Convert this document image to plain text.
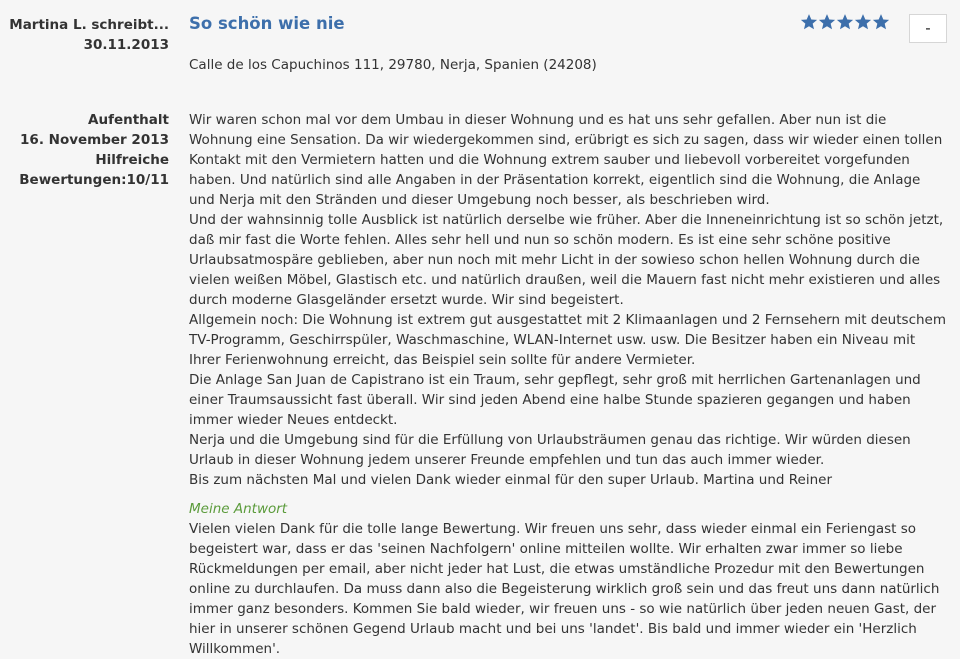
Martina L. schreibt...
30.11.2013
So schön wie nie	-
Calle de los Capuchinos 111, 29780, Nerja, Spanien (24208)
Aufenthalt
16. November 2013
Hilfreiche
Bewertungen:10/11

Wir waren schon mal vor dem Umbau in dieser Wohnung und es hat uns sehr gefallen. Aber nun ist die Wohnung eine Sensation. Da wir wiedergekommen sind, erübrigt es sich zu sagen, dass wir wieder einen tollen Kontakt mit den Vermietern hatten und die Wohnung extrem sauber und liebevoll vorbereitet vorgefunden haben. Und natürlich sind alle Angaben in der Präsentation korrekt, eigentlich sind die Wohnung, die Anlage und Nerja mit den Stränden und dieser Umgebung noch besser, als beschrieben wird.

Und der wahnsinnig tolle Ausblick ist natürlich derselbe wie früher. Aber die Inneneinrichtung ist so schön jetzt, daß mir fast die Worte fehlen. Alles sehr hell und nun so schön modern. Es ist eine sehr schöne positive Urlaubsatmospäre geblieben, aber nun noch mit mehr Licht in der sowieso schon hellen Wohnung durch die vielen weißen Möbel, Glastisch etc. und natürlich draußen, weil die Mauern fast nicht mehr existieren und alles durch moderne Glasgeländer ersetzt wurde. Wir sind begeistert.

Allgemein noch: Die Wohnung ist extrem gut ausgestattet mit 2 Klimaanlagen und 2 Fernsehern mit deutschem TV-Programm, Geschirrspüler, Waschmaschine, WLAN-Internet usw. usw. Die Besitzer haben ein Niveau mit Ihrer Ferienwohnung erreicht, das Beispiel sein sollte für andere Vermieter.

Die Anlage San Juan de Capistrano ist ein Traum, sehr gepflegt, sehr groß mit herrlichen Gartenanlagen und einer Traumsaussicht fast überall. Wir sind jeden Abend eine halbe Stunde spazieren gegangen und haben immer wieder Neues entdeckt.

Nerja und die Umgebung sind für die Erfüllung von Urlaubsträumen genau das richtige. Wir würden diesen Urlaub in dieser Wohnung jedem unserer Freunde empfehlen und tun das auch immer wieder.

Bis zum nächsten Mal und vielen Dank wieder einmal für den super Urlaub. Martina und Reiner

Meine Antwort
Vielen vielen Dank für die tolle lange Bewertung. Wir freuen uns sehr, dass wieder einmal ein Feriengast so begeistert war, dass er das 'seinen Nachfolgern' online mitteilen wollte. Wir erhalten zwar immer so liebe Rückmeldungen per email, aber nicht jeder hat Lust, die etwas umständliche Prozedur mit den Bewertungen online zu durchlaufen. Da muss dann also die Begeisterung wirklich groß sein und das freut uns dann natürlich immer ganz besonders. Kommen Sie bald wieder, wir freuen uns - so wie natürlich über jeden neuen Gast, der hier in unserer schönen Gegend Urlaub macht und bei uns 'landet'. Bis bald und immer wieder ein 'Herzlich Willkommen'.
